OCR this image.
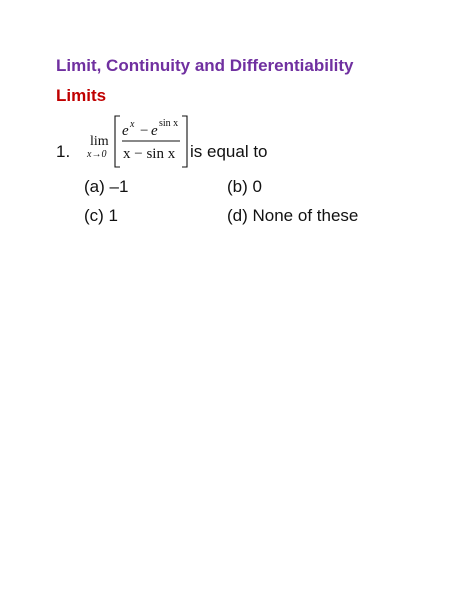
Limit, Continuity and Differentiability
Limits
1.
lim
x→0
e x − e sin x
x − sin x is equal to
(a) –1	(b) 0
(c) 1	(d) None of these
